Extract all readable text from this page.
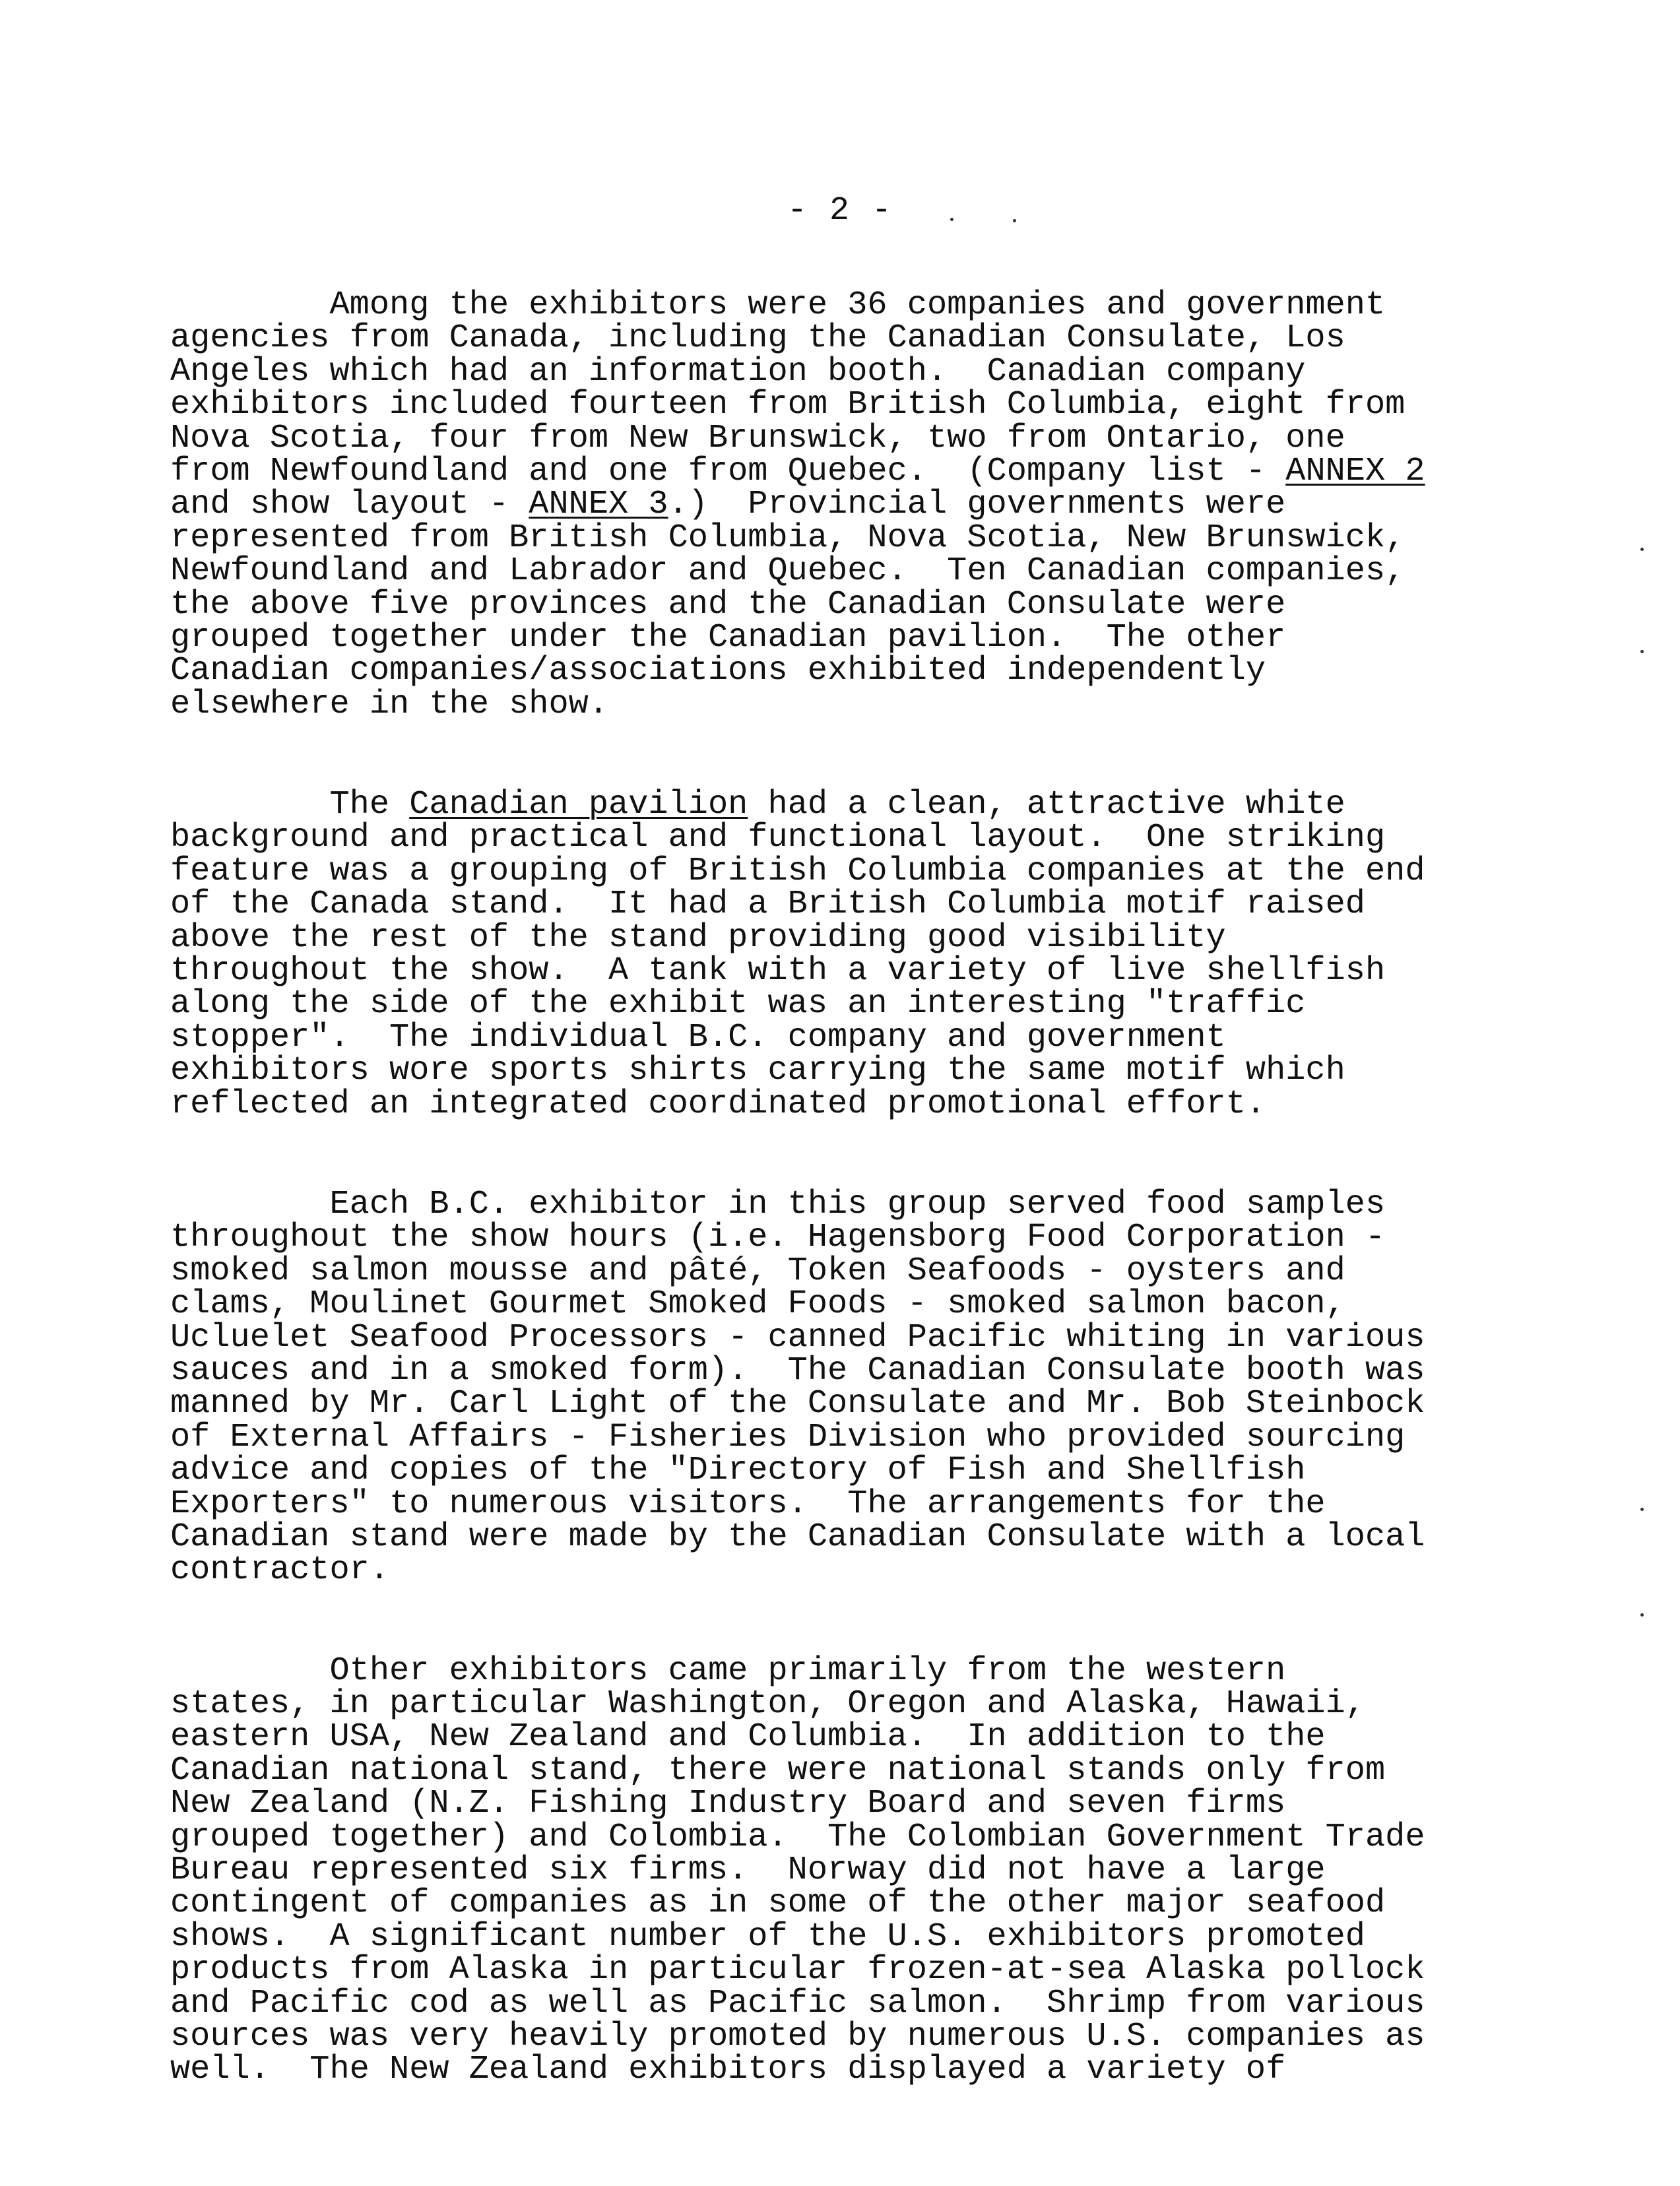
- 2 -
Among the exhibitors were 36 companies and government
agencies from Canada, including the Canadian Consulate, Los
Angeles which had an information booth.  Canadian company
exhibitors included fourteen from British Columbia, eight from
Nova Scotia, four from New Brunswick, two from Ontario, one
from Newfoundland and one from Quebec.  (Company list - ANNEX 2
and show layout - ANNEX 3.)  Provincial governments were
represented from British Columbia, Nova Scotia, New Brunswick,
Newfoundland and Labrador and Quebec.  Ten Canadian companies,
the above five provinces and the Canadian Consulate were
grouped together under the Canadian pavilion.  The other
Canadian companies/associations exhibited independently
elsewhere in the show.
The Canadian pavilion had a clean, attractive white
background and practical and functional layout.  One striking
feature was a grouping of British Columbia companies at the end
of the Canada stand.  It had a British Columbia motif raised
above the rest of the stand providing good visibility
throughout the show.  A tank with a variety of live shellfish
along the side of the exhibit was an interesting "traffic
stopper".  The individual B.C. company and government
exhibitors wore sports shirts carrying the same motif which
reflected an integrated coordinated promotional effort.
Each B.C. exhibitor in this group served food samples
throughout the show hours (i.e. Hagensborg Food Corporation -
smoked salmon mousse and pâté, Token Seafoods - oysters and
clams, Moulinet Gourmet Smoked Foods - smoked salmon bacon,
Ucluelet Seafood Processors - canned Pacific whiting in various
sauces and in a smoked form).  The Canadian Consulate booth was
manned by Mr. Carl Light of the Consulate and Mr. Bob Steinbock
of External Affairs - Fisheries Division who provided sourcing
advice and copies of the "Directory of Fish and Shellfish
Exporters" to numerous visitors.  The arrangements for the
Canadian stand were made by the Canadian Consulate with a local
contractor.
Other exhibitors came primarily from the western
states, in particular Washington, Oregon and Alaska, Hawaii,
eastern USA, New Zealand and Columbia.  In addition to the
Canadian national stand, there were national stands only from
New Zealand (N.Z. Fishing Industry Board and seven firms
grouped together) and Colombia.  The Colombian Government Trade
Bureau represented six firms.  Norway did not have a large
contingent of companies as in some of the other major seafood
shows.  A significant number of the U.S. exhibitors promoted
products from Alaska in particular frozen-at-sea Alaska pollock
and Pacific cod as well as Pacific salmon.  Shrimp from various
sources was very heavily promoted by numerous U.S. companies as
well.  The New Zealand exhibitors displayed a variety of
